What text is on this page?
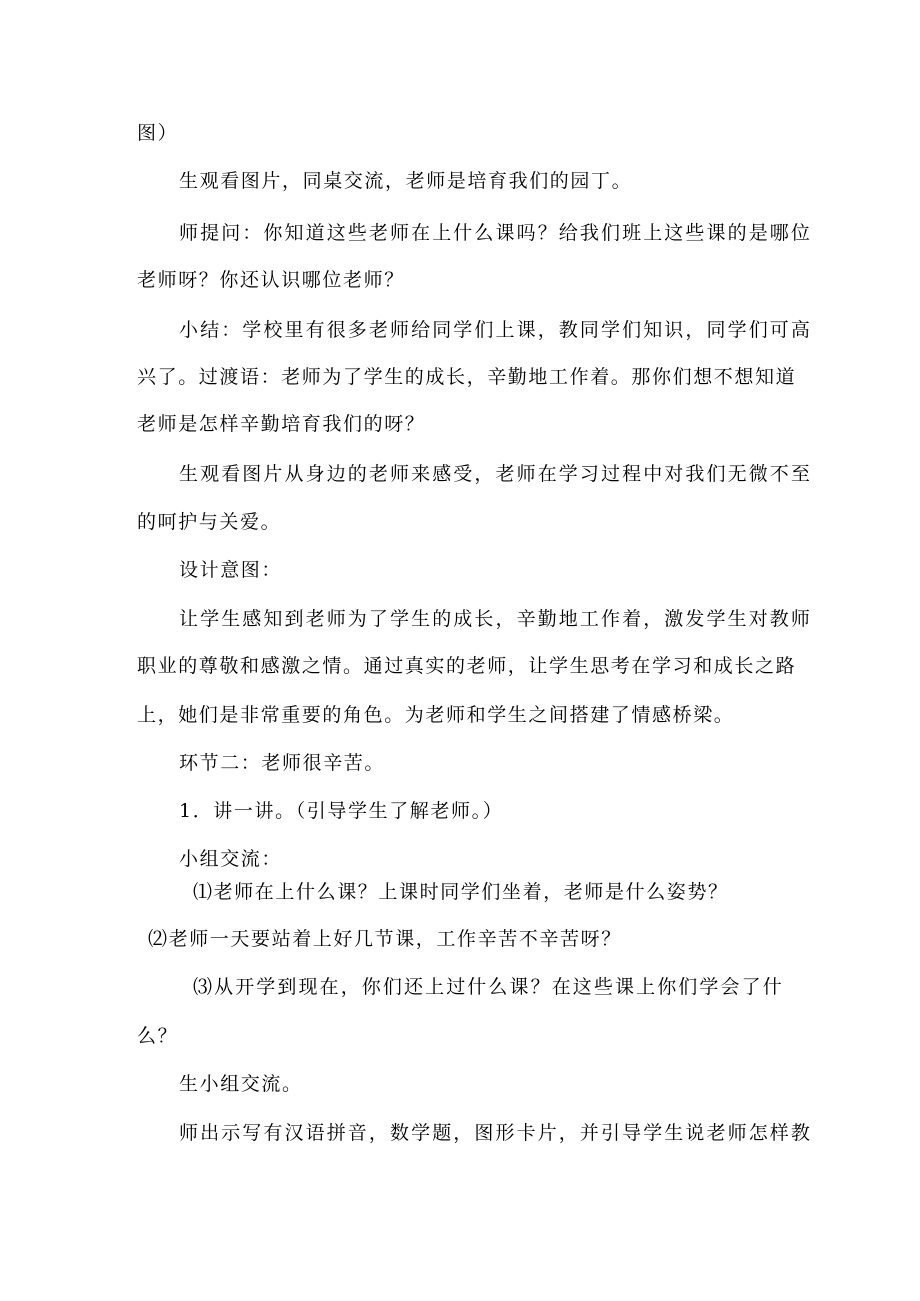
图）
生观看图片，同桌交流，老师是培育我们的园丁。
师提问：你知道这些老师在上什么课吗？给我们班上这些课的是哪位
老师呀？你还认识哪位老师？
小结：学校里有很多老师给同学们上课，教同学们知识，同学们可高
兴了。过渡语：老师为了学生的成长，辛勤地工作着。那你们想不想知道
老师是怎样辛勤培育我们的呀？
生观看图片从身边的老师来感受，老师在学习过程中对我们无微不至
的呵护与关爱。
设计意图：
让学生感知到老师为了学生的成长，辛勤地工作着，激发学生对教师
职业的尊敬和感激之情。通过真实的老师，让学生思考在学习和成长之路
上，她们是非常重要的角色。为老师和学生之间搭建了情感桥梁。
环节二：老师很辛苦。
1．讲一讲。（引导学生了解老师。）
小组交流：
⑴老师在上什么课？上课时同学们坐着，老师是什么姿势？
⑵老师一天要站着上好几节课，工作辛苦不辛苦呀？
⑶从开学到现在，你们还上过什么课？在这些课上你们学会了什
么？
生小组交流。
师出示写有汉语拼音，数学题，图形卡片，并引导学生说老师怎样教
